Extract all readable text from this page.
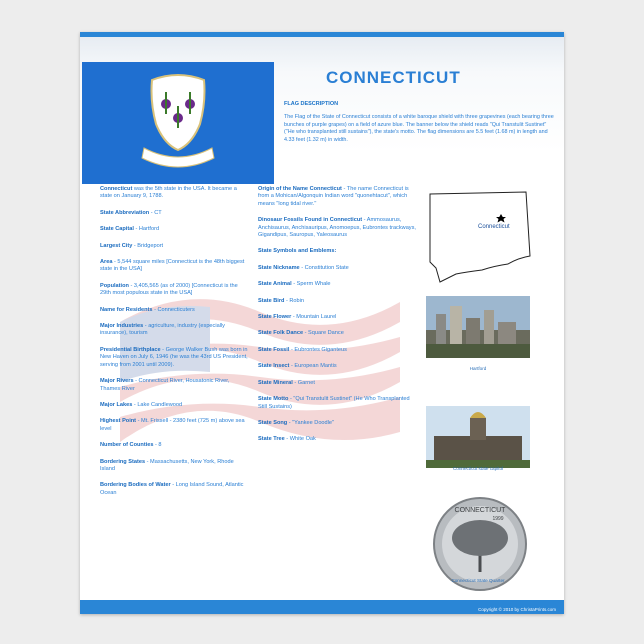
CONNECTICUT
FLAG DESCRIPTION
The Flag of the State of Connecticut consists of a white baroque shield with three grapevines (each bearing three bunches of purple grapes) on a field of azure blue. The banner below the shield reads "Qui Transtulit Sustinet" ("He who transplanted still sustains"), the state's motto. The flag dimensions are 5.5 feet (1.68 m) in length and 4.33 feet (1.32 m) in width.

Connecticut was the 5th state in the USA. It became a state on January 9, 1788.

State Abbreviation - CT

State Capital - Hartford

Largest City - Bridgeport

Area - 5,544 square miles [Connecticut is the 48th biggest state in the USA]

Population - 3,405,565 (as of 2000) [Connecticut is the 29th most populous state in the USA]

Name for Residents - Connecticuters

Major Industries - agriculture, industry (especially insurance), tourism

Presidential Birthplace - George Walker Bush was born in New Haven on July 6, 1946 (he was the 43rd US President, serving from 2001 until 2009).

Major Rivers - Connecticut River, Housatonic River, Thames River

Major Lakes - Lake Candlewood

Highest Point - Mt. Frissell - 2380 feet (725 m) above sea level

Number of Counties - 8

Bordering States - Massachusetts, New York, Rhode Island

Bordering Bodies of Water - Long Island Sound, Atlantic Ocean

Origin of the Name Connecticut - The name Connecticut is from a Mohican/Algonquin Indian word "quonehtacut", which means "long tidal river."

Dinosaur Fossils Found in Connecticut - Ammosaurus, Anchisaurus, Anchisauripus, Anomoepus, Eubrontes trackways, Gigandipus, Sauropus, Yaleosaurus

State Symbols and Emblems:

State Nickname - Constitution State

State Animal - Sperm Whale

State Bird - Robin

State Flower - Mountain Laurel

State Folk Dance - Square Dance

State Fossil - Eubrontes Giganteus

State Insect - European Mantis

State Mineral - Garnet

State Motto - "Qui Transtulit Sustinet" (He Who Transplanted Still Sustains)

State Song - "Yankee Doodle"

State Tree - White Oak

Connecticut
Hartford
Connecticut state capitol
CONNECTICUT
1999
Connecticut State Quarter
Copyright © 2010 by ChristaPrints.com
